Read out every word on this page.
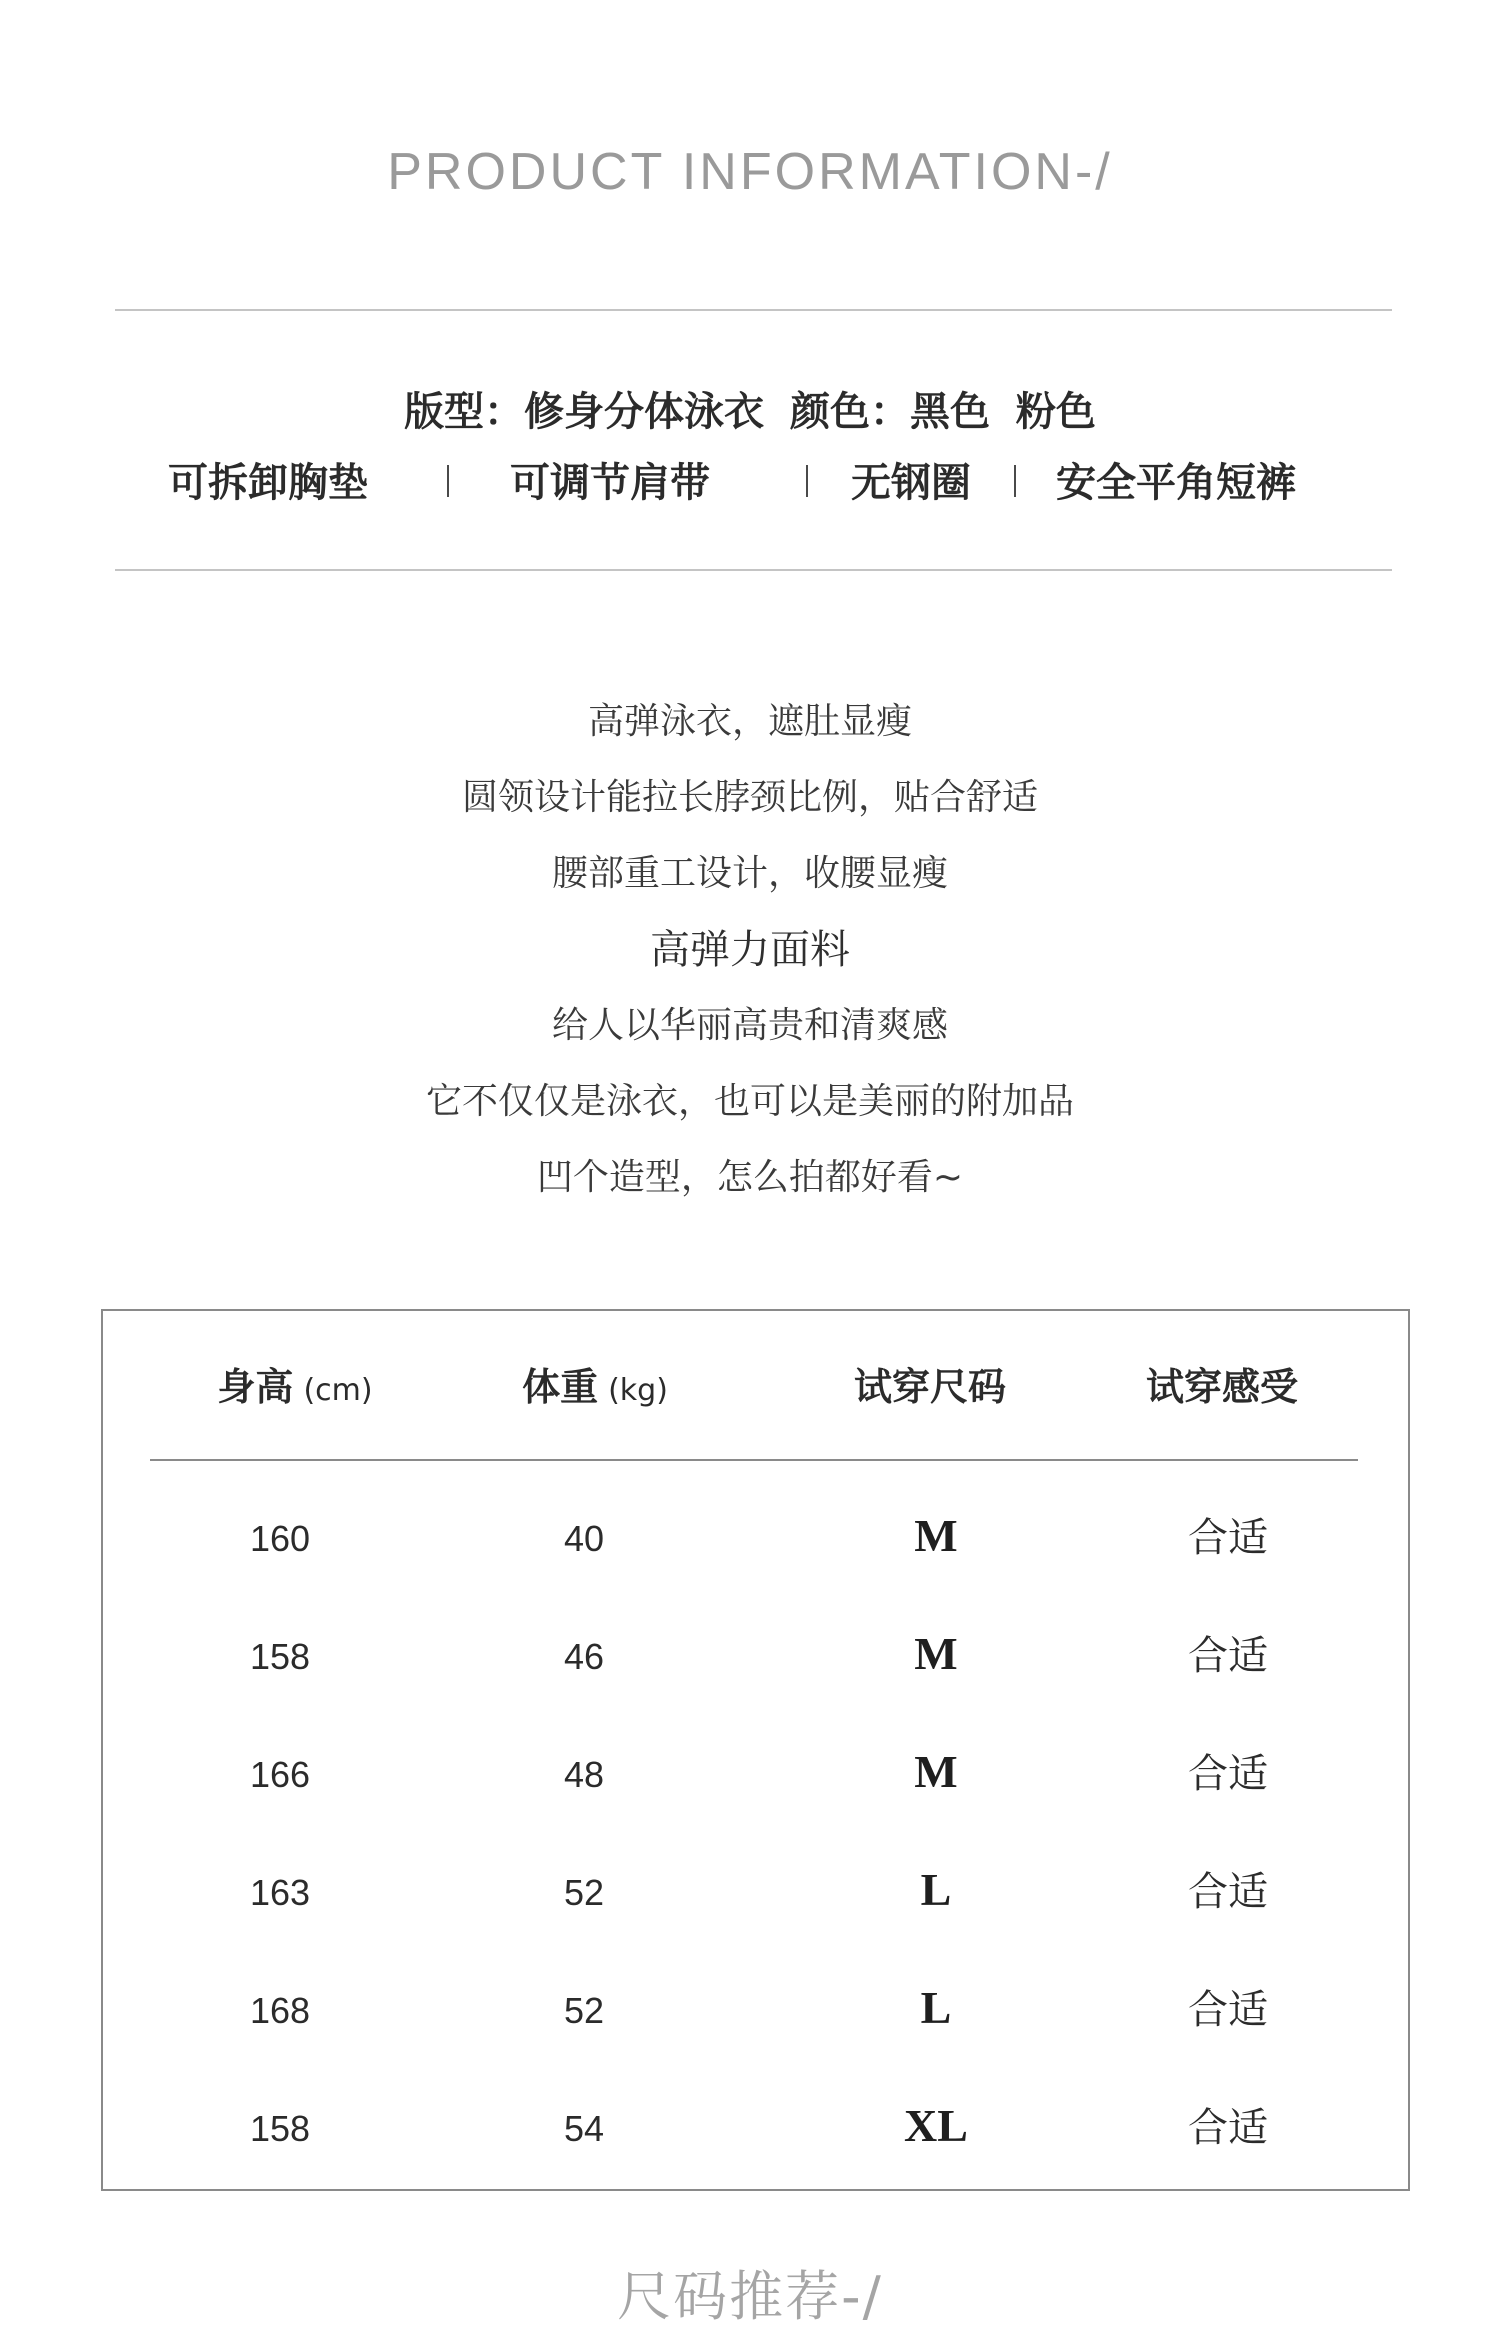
PRODUCT INFORMATION-/
版型：修身分体泳衣 颜色：黑色 粉色
可拆卸胸垫	可调节肩带	无钢圈 安全平角短裤
高弹泳衣，遮肚显瘦
圆领设计能拉长脖颈比例，贴合舒适
腰部重工设计，收腰显瘦
高弹力面料
给人以华丽高贵和清爽感
它不仅仅是泳衣，也可以是美丽的附加品
凹个造型，怎么拍都好看~
身高 (cm)	体重 (kg)	试穿尺码	试穿感受
160	40	M	合适
158	46	M	合适
166	48	M	合适
163	52	L	合适
168	52	L	合适
158	54	XL	合适
尺码推荐-/
